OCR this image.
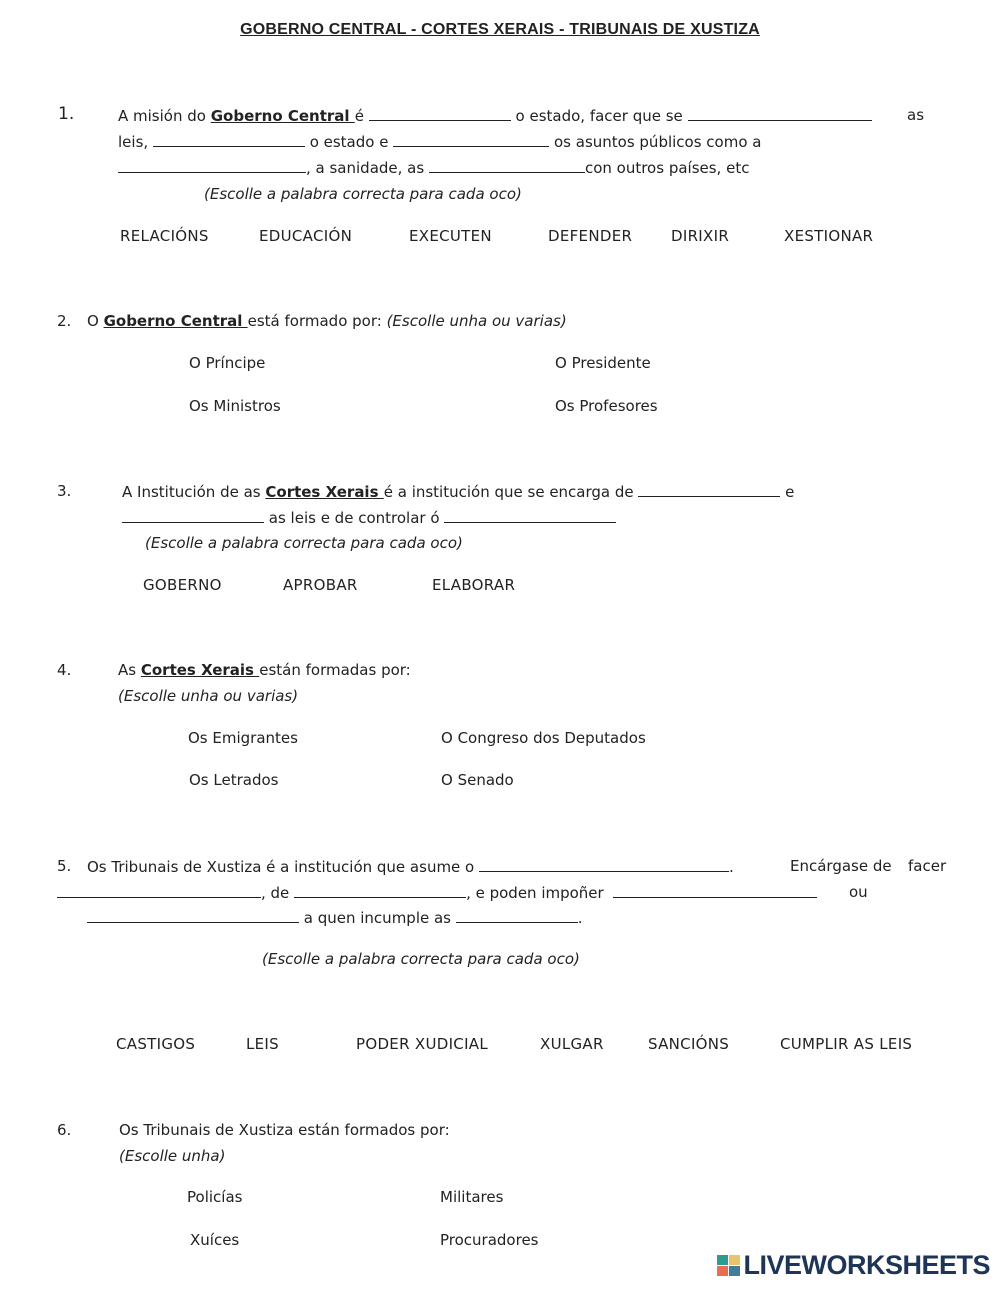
GOBERNO CENTRAL - CORTES XERAIS - TRIBUNAIS DE XUSTIZA
1.	A misión do Goberno Central é	o estado, facer que se	as
leis,	o estado e	os asuntos públicos como a
, a sanidade, as	con outros países, etc
(Escolle a palabra correcta para cada oco)
RELACIÓNS	EDUCACIÓN	EXECUTEN	DEFENDER	DIRIXIR	XESTIONAR
2. O Goberno Central está formado por: (Escolle unha ou varias)
O Príncipe	O Presidente
Os Ministros	Os Profesores
3.	A Institución de as Cortes Xerais é a institución que se encarga de	e
as leis e de controlar ó
(Escolle a palabra correcta para cada oco)
GOBERNO	APROBAR	ELABORAR
4.	As Cortes Xerais están formadas por:
(Escolle unha ou varias)
Os Emigrantes	O Congreso dos Deputados
Os Letrados	O Senado
5. Os Tribunais de Xustiza é a institución que asume o	.	Encárgase de facer
, de	, e poden impoñer	ou
a quen incumple as	.
(Escolle a palabra correcta para cada oco)
CASTIGOS	LEIS	PODER XUDICIAL	XULGAR	SANCIÓNS	CUMPLIR AS LEIS
6.	Os Tribunais de Xustiza están formados por:
(Escolle unha)
Policías	Militares
Xuíces	Procuradores
LIVEWORKSHEETS
